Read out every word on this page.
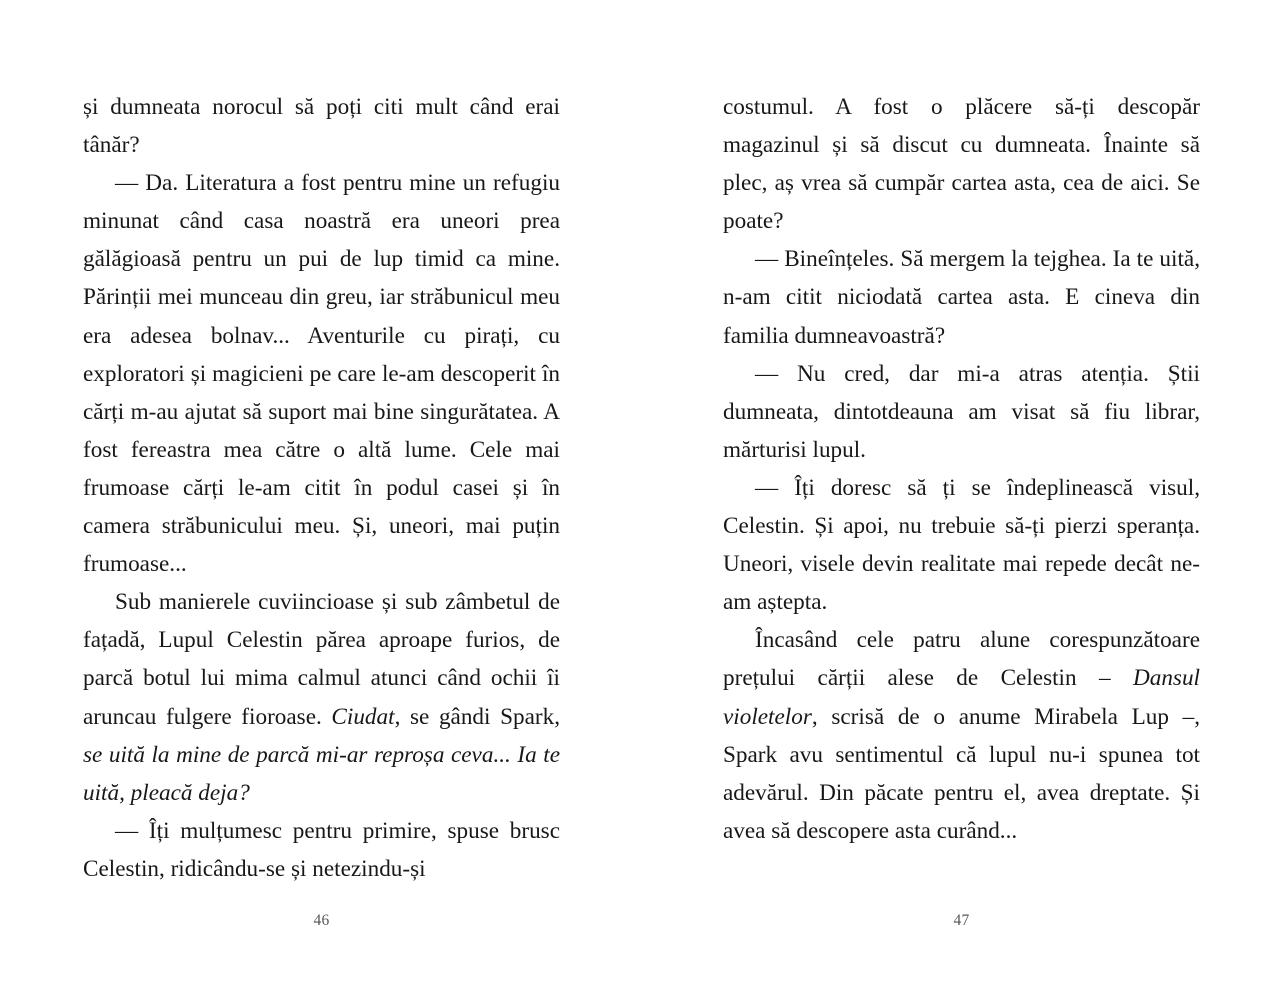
și dumneata norocul să poți citi mult când erai tânăr?

— Da. Literatura a fost pentru mine un refugiu minunat când casa noastră era uneori prea gălăgioasă pentru un pui de lup timid ca mine. Părinții mei munceau din greu, iar străbunicul meu era adesea bolnav... Aventurile cu pirați, cu exploratori și magicieni pe care le-am descoperit în cărți m-au ajutat să suport mai bine singurătatea. A fost fereastra mea către o altă lume. Cele mai frumoase cărți le-am citit în podul casei și în camera străbunicului meu. Și, uneori, mai puțin frumoase...

Sub manierele cuviincioase și sub zâmbetul de fațadă, Lupul Celestin părea aproape furios, de parcă botul lui mima calmul atunci când ochii îi aruncau fulgere fioroase. Ciudat, se gândi Spark, se uită la mine de parcă mi-ar reproșa ceva... Ia te uită, pleacă deja?

— Îți mulțumesc pentru primire, spuse brusc Celestin, ridicându-se și netezindu-și

46

costumul. A fost o plăcere să-ți descopăr magazinul și să discut cu dumneata. Înainte să plec, aș vrea să cumpăr cartea asta, cea de aici. Se poate?

— Bineînțeles. Să mergem la tejghea. Ia te uită, n-am citit niciodată cartea asta. E cineva din familia dumneavoastră?

— Nu cred, dar mi-a atras atenția. Știi dumneata, dintotdeauna am visat să fiu librar, mărturisi lupul.

— Îți doresc să ți se îndeplinească visul, Celestin. Și apoi, nu trebuie să-ți pierzi speranța. Uneori, visele devin realitate mai repede decât ne-am aștepta.

Încasând cele patru alune corespunzătoare prețului cărții alese de Celestin – Dansul violetelor, scrisă de o anume Mirabela Lup –, Spark avu sentimentul că lupul nu-i spunea tot adevărul. Din păcate pentru el, avea dreptate. Și avea să descopere asta curând...

47
